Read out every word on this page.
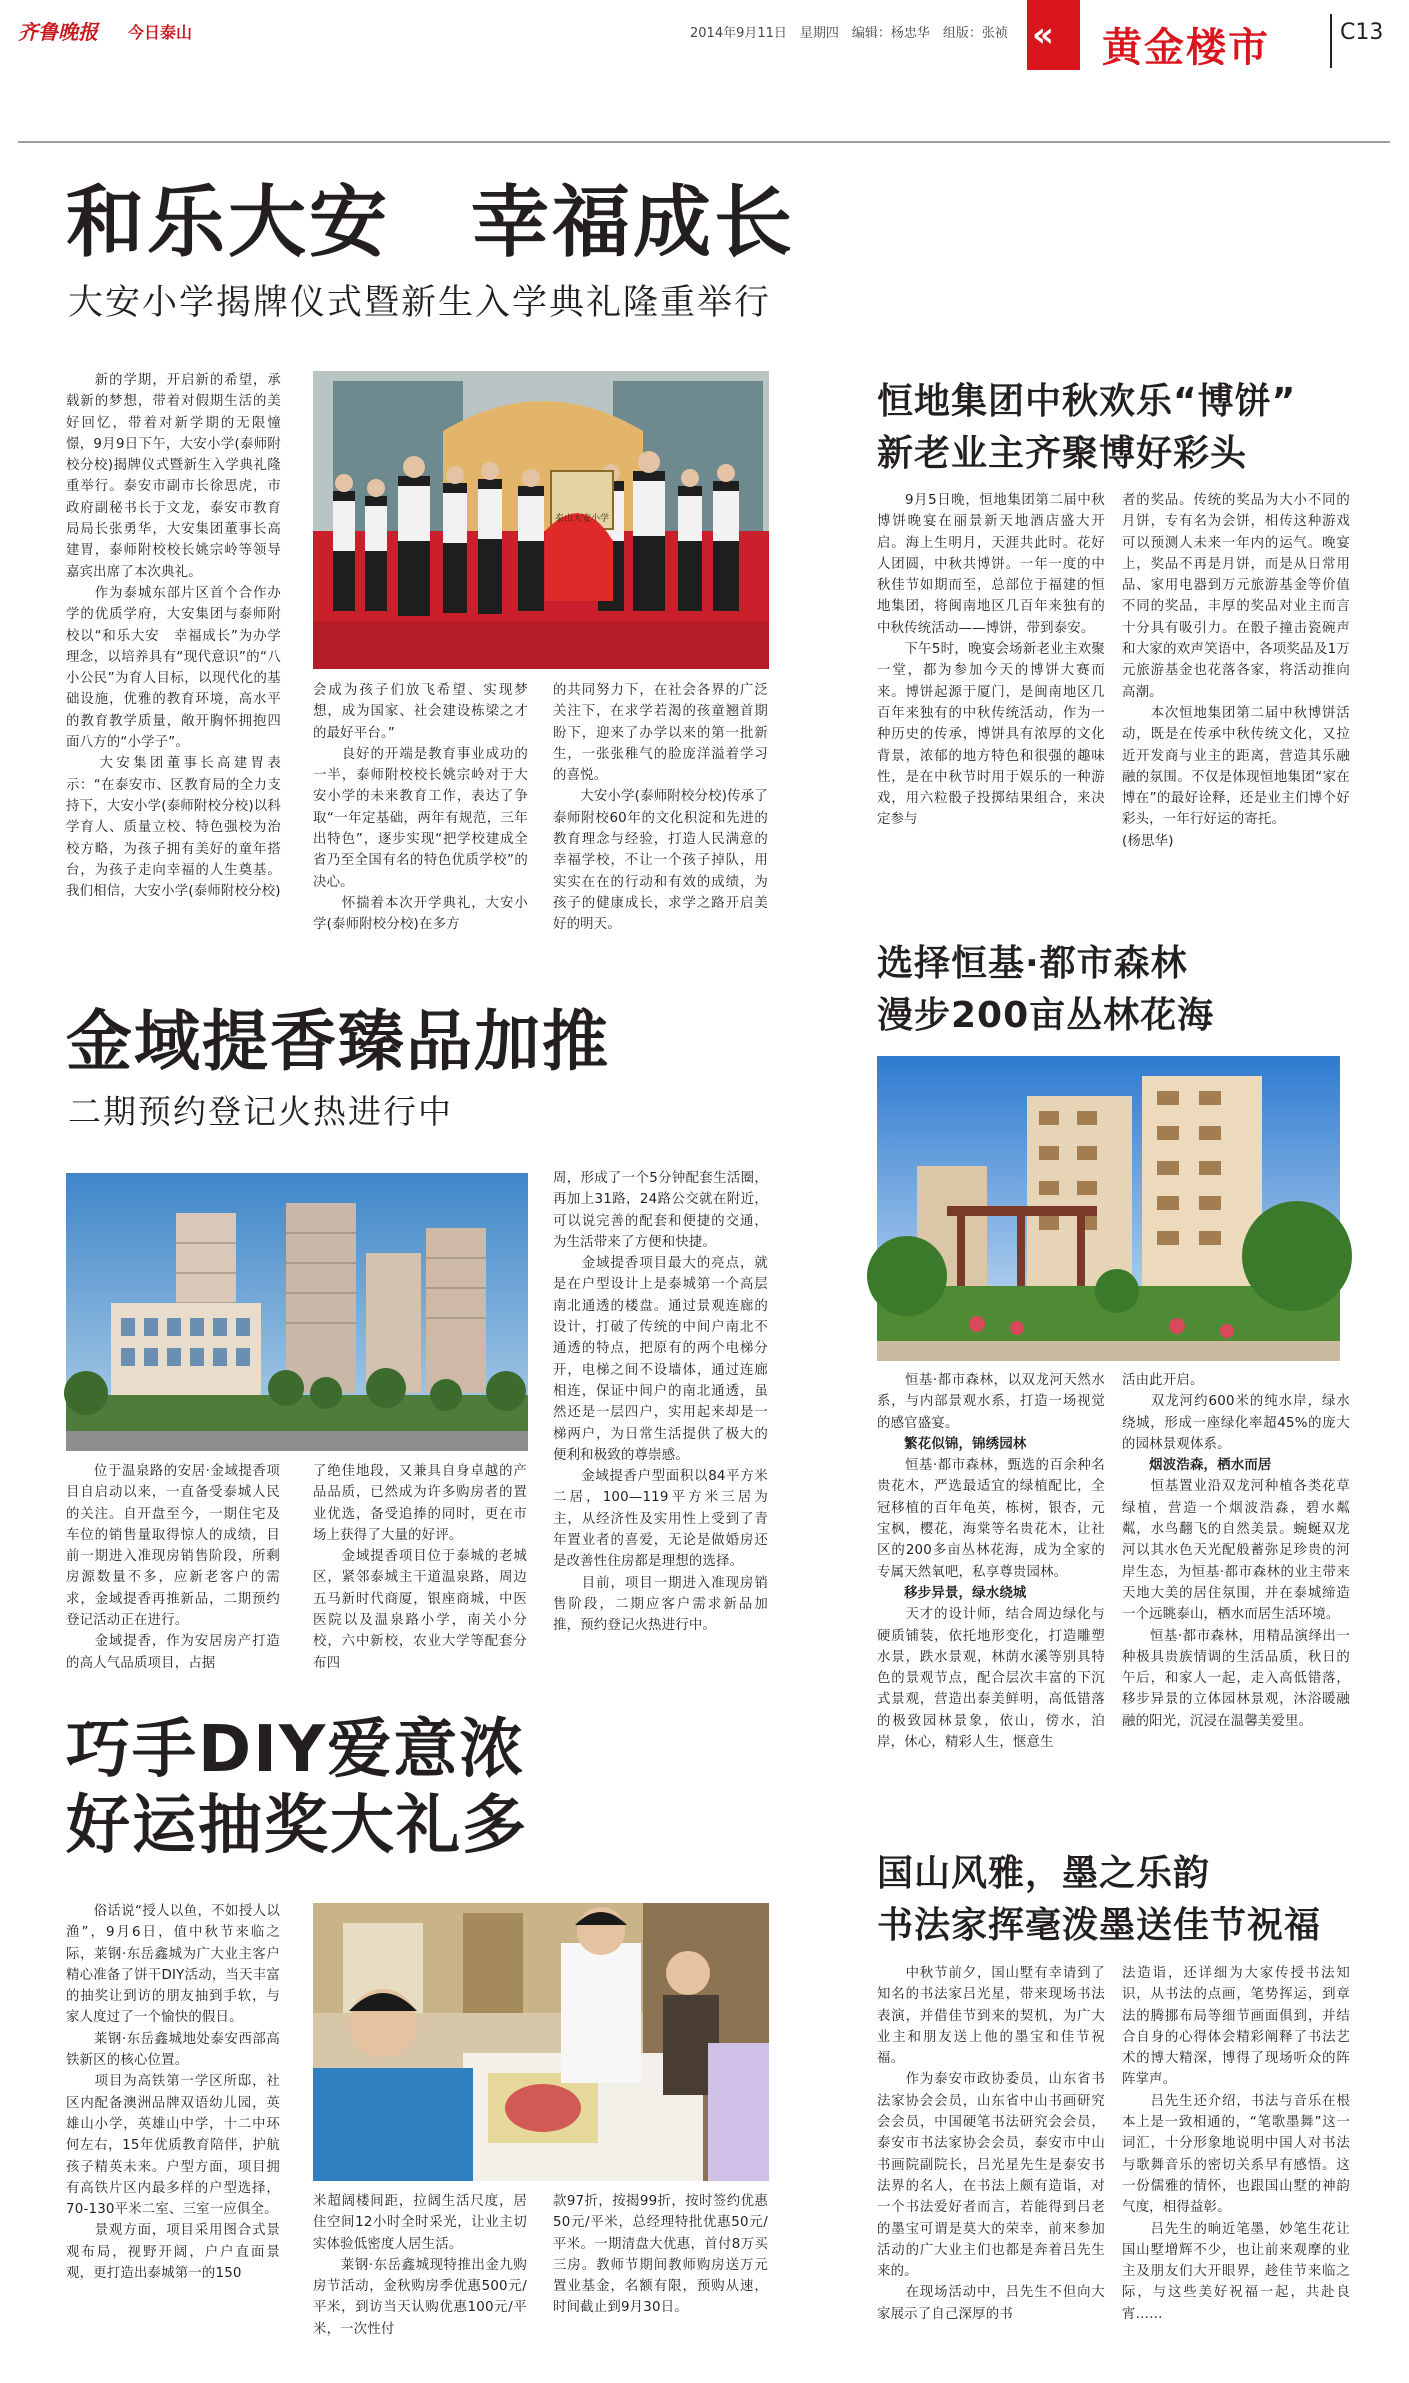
齐鲁晚报 今日泰山	2014年9月11日　星期四　编辑：杨忠华　组版：张祯 « 黄金楼市	C13
和乐大安　幸福成长
大安小学揭牌仪式暨新生入学典礼隆重举行
　　新的学期，开启新的希望，承载新的梦想，带着对假期生活的美好回忆，带着对新学期的无限憧憬，9月9日下午，大安小学(泰师附校分校)揭牌仪式暨新生入学典礼隆重举行。泰安市副市长徐思虎，市政府副秘书长于文龙，泰安市教育局局长张勇华，大安集团董事长高建胃，泰师附校校长姚宗岭等领导嘉宾出席了本次典礼。
　　作为泰城东部片区首个合作办学的优质学府，大安集团与泰师附校以“和乐大安　幸福成长”为办学理念，以培养具有“现代意识”的“八小公民”为育人目标，以现代化的基础设施，优雅的教育环境，高水平的教育教学质量，敞开胸怀拥抱四面八方的“小学子”。
　　大安集团董事长高建胃表示：“在泰安市、区教育局的全力支持下，大安小学(泰师附校分校)以科学育人、质量立校、特色强校为治校方略，为孩子拥有美好的童年搭台，为孩子走向幸福的人生奠基。我们相信，大安小学(泰师附校分校)
泰山大安小学
会成为孩子们放飞希望、实现梦想，成为国家、社会建设栋梁之才的最好平台。”
　　良好的开端是教育事业成功的一半，泰师附校校长姚宗岭对于大安小学的未来教育工作，表达了争取“一年定基础，两年有规范，三年出特色”，逐步实现“把学校建成全省乃至全国有名的特色优质学校”的决心。
　　怀揣着本次开学典礼，大安小学(泰师附校分校)在多方
的共同努力下，在社会各界的广泛关注下，在求学若渴的孩童翘首期盼下，迎来了办学以来的第一批新生，一张张稚气的脸庞洋溢着学习的喜悦。
　　大安小学(泰师附校分校)传承了泰师附校60年的文化积淀和先进的教育理念与经验，打造人民满意的幸福学校，不让一个孩子掉队，用实实在在的行动和有效的成绩，为孩子的健康成长，求学之路开启美好的明天。
金域提香臻品加推
二期预约登记火热进行中
　　位于温泉路的安居·金域提香项目自启动以来，一直备受泰城人民的关注。自开盘至今，一期住宅及车位的销售量取得惊人的成绩，目前一期进入准现房销售阶段，所剩房源数量不多，应新老客户的需求，金域提香再推新品，二期预约登记活动正在进行。
　　金域提香，作为安居房产打造的高人气品质项目，占据
了绝佳地段，又兼具自身卓越的产品品质，已然成为许多购房者的置业优选，备受追捧的同时，更在市场上获得了大量的好评。
　　金域提香项目位于泰城的老城区，紧邻泰城主干道温泉路，周边五马新时代商厦，银座商城，中医医院以及温泉路小学，南关小分校，六中新校，农业大学等配套分布四
周，形成了一个5分钟配套生活圈，再加上31路，24路公交就在附近，可以说完善的配套和便捷的交通，为生活带来了方便和快捷。
　　金域提香项目最大的亮点，就是在户型设计上是泰城第一个高层南北通透的楼盘。通过景观连廊的设计，打破了传统的中间户南北不通透的特点，把原有的两个电梯分开，电梯之间不设墙体，通过连廊相连，保证中间户的南北通透，虽然还是一层四户，实用起来却是一梯两户，为日常生活提供了极大的便利和极致的尊崇感。
　　金域提香户型面积以84平方米二居，100—119平方米三居为主，从经济性及实用性上受到了青年置业者的喜爱，无论是做婚房还是改善性住房都是理想的选择。
　　目前，项目一期进入准现房销售阶段，二期应客户需求新品加推，预约登记火热进行中。
巧手DIY爱意浓
好运抽奖大礼多
　　俗话说“授人以鱼，不如授人以渔”，9月6日，值中秋节来临之际，莱钢·东岳鑫城为广大业主客户精心准备了饼干DIY活动，当天丰富的抽奖让到访的朋友抽到手软，与家人度过了一个愉快的假日。
　　莱钢·东岳鑫城地处泰安西部高铁新区的核心位置。
　　项目为高铁第一学区所邸，社区内配备澳洲品牌双语幼儿园，英雄山小学，英雄山中学，十二中环何左右，15年优质教育陪伴，护航孩子精英未来。户型方面，项目拥有高铁片区内最多样的户型选择，70-130平米二室、三室一应俱全。
　　景观方面，项目采用图合式景观布局，视野开阔，户户直面景观，更打造出泰城第一的150
米超阔楼间距，拉阔生活尺度，居住空间12小时全时采光，让业主切实体验低密度人居生活。
　　莱钢·东岳鑫城现特推出金九购房节活动，金秋购房季优惠500元/平米，到访当天认购优惠100元/平米，一次性付
款97折，按揭99折，按时签约优惠50元/平米，总经理特批优惠50元/平米。一期清盘大优惠，首付8万买三房。教师节期间教师购房送万元置业基金，名额有限，预购从速，时间截止到9月30日。
恒地集团中秋欢乐“博饼”
新老业主齐聚博好彩头
　　9月5日晚，恒地集团第二届中秋博饼晚宴在丽景新天地酒店盛大开启。海上生明月，天涯共此时。花好人团圆，中秋共博饼。一年一度的中秋佳节如期而至，总部位于福建的恒地集团，将闽南地区几百年来独有的中秋传统活动——博饼，带到泰安。
　　下午5时，晚宴会场新老业主欢聚一堂，都为参加今天的博饼大赛而来。博饼起源于厦门，是闽南地区几百年来独有的中秋传统活动，作为一种历史的传承，博饼具有浓厚的文化背景，浓郁的地方特色和很强的趣味性，是在中秋节时用于娱乐的一种游戏，用六粒骰子投掷结果组合，来决定参与
者的奖品。传统的奖品为大小不同的月饼，专有名为会饼，相传这种游戏可以预测人未来一年内的运气。晚宴上，奖品不再是月饼，而是从日常用品、家用电器到万元旅游基金等价值不同的奖品，丰厚的奖品对业主而言十分具有吸引力。在骰子撞击瓷碗声和大家的欢声笑语中，各项奖品及1万元旅游基金也花落各家，将活动推向高潮。
　　本次恒地集团第二届中秋博饼活动，既是在传承中秋传统文化，又拉近开发商与业主的距离，营造其乐融融的氛围。不仅是体现恒地集团“家在博在”的最好诠释，还是业主们博个好彩头，一年行好运的寄托。
(杨思华)
选择恒基·都市森林
漫步200亩丛林花海
　　恒基·都市森林，以双龙河天然水系，与内部景观水系，打造一场视觉的感官盛宴。
　　繁花似锦，锦绣园林
　　恒基·都市森林，甄选的百余种名贵花木，严选最适宜的绿植配比，全冠移植的百年龟英，栋树，银杏，元宝枫，樱花，海棠等名贵花木，让社区的200多亩丛林花海，成为全家的专属天然氧吧，私享尊贵园林。
　　移步异景，绿水绕城
　　天才的设计师，结合周边绿化与硬质铺装，依托地形变化，打造雕塑水景，跌水景观，林荫水溪等别具特色的景观节点，配合层次丰富的下沉式景观，营造出泰美鲜明，高低错落的极致园林景象，依山，傍水，泊岸，休心，精彩人生，惬意生
活由此开启。
　　双龙河约600米的纯水岸，绿水绕城，形成一座绿化率超45%的庞大的园林景观体系。
　　烟波浩森，栖水而居
　　恒基置业沿双龙河种植各类花草绿植，营造一个烟波浩淼，碧水粼粼，水鸟翻飞的自然美景。蜿蜒双龙河以其水色天光配般蓄弥足珍贵的河岸生态，为恒基·都市森林的业主带来天地大美的居住氛围，并在泰城缔造一个远眺泰山，栖水而居生活环境。
　　恒基·都市森林，用精品演绎出一种极具贵族情调的生活品质，秋日的午后，和家人一起，走入高低错落，移步异景的立体园林景观，沐浴暖融融的阳光，沉浸在温馨美爱里。
国山风雅，墨之乐韵
书法家挥毫泼墨送佳节祝福
　　中秋节前夕，国山墅有幸请到了知名的书法家吕光星，带来现场书法表演，并借佳节到来的契机，为广大业主和朋友送上他的墨宝和佳节祝福。
　　作为泰安市政协委员，山东省书法家协会会员，山东省中山书画研究会会员，中国硬笔书法研究会会员，泰安市书法家协会会员，泰安市中山书画院副院长，吕光星先生是泰安书法界的名人，在书法上颇有造诣，对一个书法爱好者而言，若能得到吕老的墨宝可谓是莫大的荣幸，前来参加活动的广大业主们也都是奔着吕先生来的。
　　在现场活动中，吕先生不但向大家展示了自己深厚的书
法造诣，还详细为大家传授书法知识，从书法的点画，笔势挥运，到章法的腾挪布局等细节画面俱到，并结合自身的心得体会精彩阐释了书法艺术的博大精深，博得了现场听众的阵阵掌声。
　　吕先生还介绍，书法与音乐在根本上是一致相通的，“笔歌墨舞”这一词汇，十分形象地说明中国人对书法与歌舞音乐的密切关系早有感悟。这一份儒雅的情怀，也跟国山墅的神韵气度，相得益彰。
　　吕先生的晌近笔墨，妙笔生花让国山墅增辉不少，也让前来观摩的业主及朋友们大开眼界，趁佳节来临之际，与这些美好祝福一起，共赴良宵……
